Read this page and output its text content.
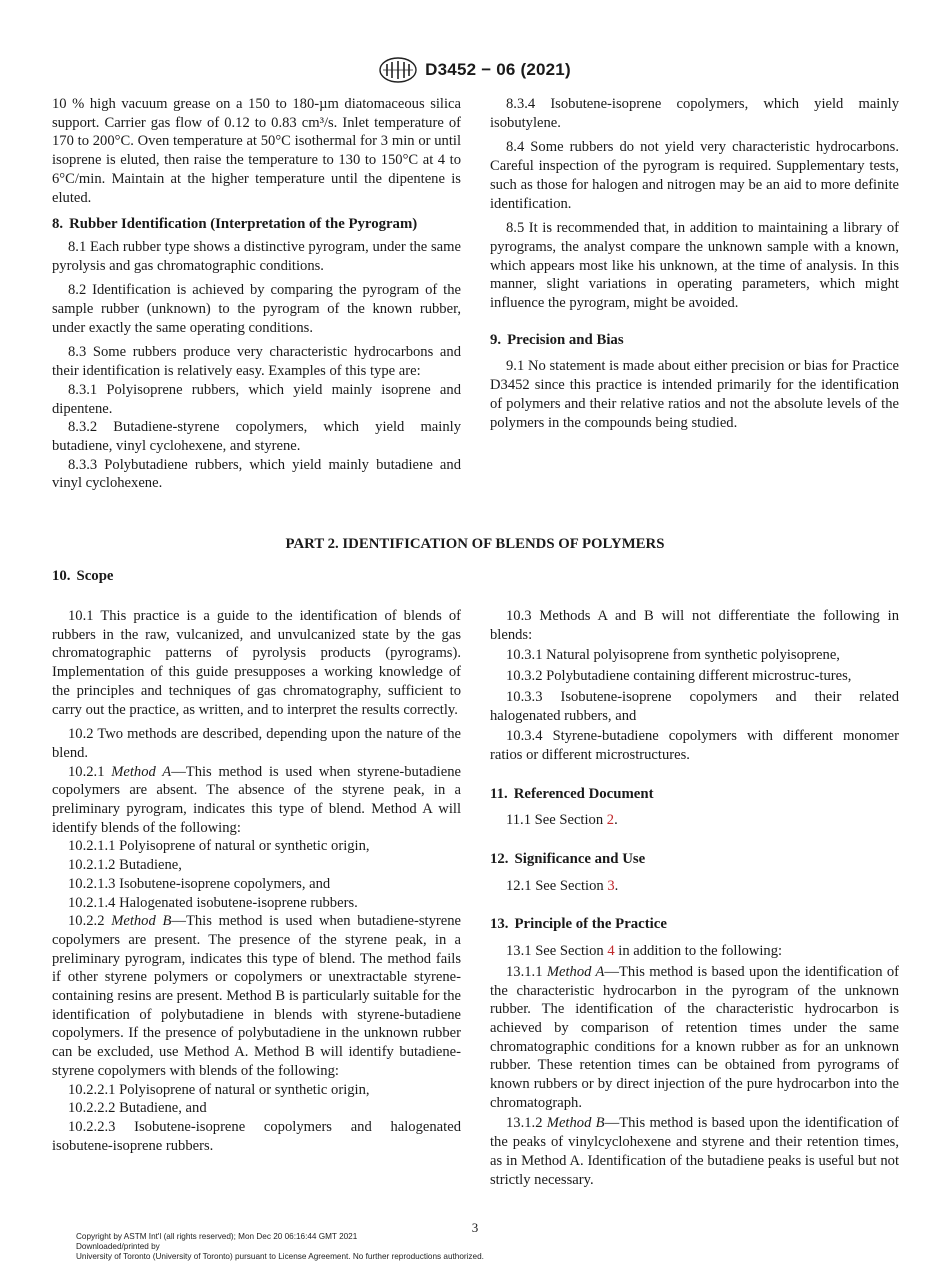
D3452 − 06 (2021)

10 % high vacuum grease on a 150 to 180-µm diatomaceous silica support. Carrier gas flow of 0.12 to 0.83 cm³/s. Inlet temperature of 170 to 200°C. Oven temperature at 50°C isothermal for 3 min or until isoprene is eluted, then raise the temperature to 130 to 150°C at 4 to 6°C/min. Maintain at the higher temperature until the dipentene is eluted.

8. Rubber Identification (Interpretation of the Pyrogram)

8.1 Each rubber type shows a distinctive pyrogram, under the same pyrolysis and gas chromatographic conditions.

8.2 Identification is achieved by comparing the pyrogram of the sample rubber (unknown) to the pyrogram of the known rubber, under exactly the same operating conditions.

8.3 Some rubbers produce very characteristic hydrocarbons and their identification is relatively easy. Examples of this type are:

8.3.1 Polyisoprene rubbers, which yield mainly isoprene and dipentene.

8.3.2 Butadiene-styrene copolymers, which yield mainly butadiene, vinyl cyclohexene, and styrene.

8.3.3 Polybutadiene rubbers, which yield mainly butadiene and vinyl cyclohexene.

8.3.4 Isobutene-isoprene copolymers, which yield mainly isobutylene.

8.4 Some rubbers do not yield very characteristic hydrocarbons. Careful inspection of the pyrogram is required. Supplementary tests, such as those for halogen and nitrogen may be an aid to more definite identification.

8.5 It is recommended that, in addition to maintaining a library of pyrograms, the analyst compare the unknown sample with a known, which appears most like his unknown, at the time of analysis. In this manner, slight variations in operating parameters, which might influence the pyrogram, might be avoided.

9. Precision and Bias

9.1 No statement is made about either precision or bias for Practice D3452 since this practice is intended primarily for the identification of polymers and their relative ratios and not the absolute levels of the polymers in the compounds being studied.

PART 2. IDENTIFICATION OF BLENDS OF POLYMERS
10. Scope

10.1 This practice is a guide to the identification of blends of rubbers in the raw, vulcanized, and unvulcanized state by the gas chromatographic patterns of pyrolysis products (pyrograms). Implementation of this guide presupposes a working knowledge of the principles and techniques of gas chromatography, sufficient to carry out the practice, as written, and to interpret the results correctly.

10.2 Two methods are described, depending upon the nature of the blend.

10.2.1 Method A—This method is used when styrene-butadiene copolymers are absent. The absence of the styrene peak, in a preliminary pyrogram, indicates this type of blend. Method A will identify blends of the following:

10.2.1.1 Polyisoprene of natural or synthetic origin,

10.2.1.2 Butadiene,

10.2.1.3 Isobutene-isoprene copolymers, and

10.2.1.4 Halogenated isobutene-isoprene rubbers.

10.2.2 Method B—This method is used when butadiene-styrene copolymers are present. The presence of the styrene peak, in a preliminary pyrogram, indicates this type of blend. The method fails if other styrene polymers or copolymers or unextractable styrene-containing resins are present. Method B is particularly suitable for the identification of polybutadiene in blends with styrene-butadiene copolymers. If the presence of polybutadiene in the unknown rubber can be excluded, use Method A. Method B will identify butadiene-styrene copolymers with blends of the following:

10.2.2.1 Polyisoprene of natural or synthetic origin,

10.2.2.2 Butadiene, and

10.2.2.3 Isobutene-isoprene copolymers and halogenated isobutene-isoprene rubbers.

10.3 Methods A and B will not differentiate the following in blends:

10.3.1 Natural polyisoprene from synthetic polyisoprene,

10.3.2 Polybutadiene containing different microstruc-tures,

10.3.3 Isobutene-isoprene copolymers and their related halogenated rubbers, and

10.3.4 Styrene-butadiene copolymers with different monomer ratios or different microstructures.

11. Referenced Document

11.1 See Section 2.

12. Significance and Use

12.1 See Section 3.

13. Principle of the Practice

13.1 See Section 4 in addition to the following:

13.1.1 Method A—This method is based upon the identification of the characteristic hydrocarbon in the pyrogram of the unknown rubber. The identification of the characteristic hydrocarbon is achieved by comparison of retention times under the same chromatographic conditions for a known rubber as for an unknown rubber. These retention times can be obtained from pyrograms of known rubbers or by direct injection of the pure hydrocarbon into the chromatograph.

13.1.2 Method B—This method is based upon the identification of the peaks of vinylcyclohexene and styrene and their retention times, as in Method A. Identification of the butadiene peaks is useful but not strictly necessary.

3
Copyright by ASTM Int'l (all rights reserved); Mon Dec 20 06:16:44 GMT 2021
Downloaded/printed by
University of Toronto (University of Toronto) pursuant to License Agreement. No further reproductions authorized.
